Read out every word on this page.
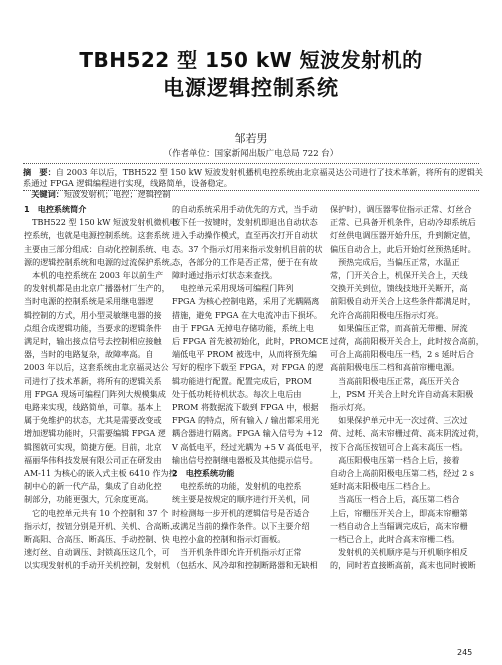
TBH522 型 150 kW 短波发射机的
电源逻辑控制系统
邹若男
（作者单位：国家新闻出版广电总局 722 台）

摘　要：自 2003 年以后，TBH522 型 150 kW 短波发射机播机电控系统由北京福灵达公司进行了技术革新，将所有的逻辑关

系通过 FPGA 逻辑编程进行实现，线路简单，设备稳定。

　关键词：短波发射机；电控；逻辑控制

1　电控系统简介

　TBH522 型 150 kW 短波发射机微机电

控系统，也就是电源控制系统。这套系统

主要由三部分组成：自动化控制系统、电

源的逻辑控制系统和电源的过流保护系统。

　本机的电控系统在 2003 年以前生产

的发射机都是由北京广播器材厂生产的，

当时电源的控制系统是采用继电器逻

辑控制的方式，用小型灵敏继电器的接

点组合成逻辑功能，当要求的逻辑条件

满足时，输出接点信号去控制相应接触

器，当时的电路复杂，故障率高。自

2003 年以后，这套系统由北京福灵达公

司进行了技术革新，将所有的逻辑关系

用 FPGA 现场可编程门阵列大规模集成

电路来实现，线路简单，可靠。基本上

属于免维护的状态，尤其是需要改变或

增加逻辑功能时，只需要编辑 FPGA 逻

辑图就可实现，简捷方便。目前，北京

福丽华伟科技发展有限公司正在研发由

AM-11 为核心的嵌入式主板 6410 作为控

制中心的新一代产品，集成了自动化控

制部分，功能更强大，冗余度更高。

　它的电控单元共有 10 个控制和 37 个

指示灯，按钮分别是开机、关机、合高断、

断高阳、合高压、断高压、手动控制、快

速灯丝、自动调压、封锁高压这几个，可

以实现发射机的手动开关机控制，发射机

的自动系统采用手动优先的方式，当手动

按下任一按键时，发射机即退出自动状态

进入手动操作模式，直至再次打开自动状

态。37 个指示灯用来指示发射机目前的状

态，各部分的工作是否正常，便于在有故

障时通过指示灯状态来查找。

　电控单元采用现场可编程门阵列

FPGA 为核心控制电路，采用了光耦隔离

措施，避免 FPGA 在大电流冲击下损坏。

由于 FPGA 无掉电存储功能，系统上电

后 FPGA 首先被初始化，此时，PROMCE

端低电平 PROM 被选中，从而将预先编

写好的程序下载至 FPGA，对 FPGA 的逻

辑功能进行配置。配置完成后，PROM

处于低功耗待机状态。每次上电后由

PROM 将数据流下载到 FPGA 中，根据

FPGA 的特点，所有输入 / 输出都采用光

耦合器进行隔离。FPGA 输入信号为 +12

V 高低电平，经过光耦为 +5 V 高低电平，

输出信号控制继电器板及其他提示信号。

2　电控系统功能

　电控系统的功能，发射机的电控系

统主要是按规定的顺序进行开关机，同

时检测每一步开机的逻辑信号是否适合

或满足当前的操作条件。以下主要介绍

电控小盒的控制和指示灯面板。

　当开机条件即允许开机指示灯正常

（包括水、风冷却和控制断路器和无缺相

保护时），调压器零位指示正常、灯丝合

正常、已具备开机条件，启动冷却系统后

灯丝供电调压器开始升压，升到额定值，

偏压自动合上，此后开始灯丝预热延时。

　预热完成后，当偏压正常，水温正

常，门开关合上，机保开关合上，天线

交换开关到位，馈线技地开关断开，高

前阳极自动开关合上这些条件都满足时，

允许合高前阳极电压指示灯亮。

　如果偏压正常，而高前无带栅、屏流

过荷，高前阳极开关合上，此时按合高前，

可合上高前阳极电压一档，2 s 延时后合

高前阳极电压二档和高前帘栅电源。

　当高前阳极电压正常，高压开关合

上，PSM 开关合上时允许自动高末阳极

指示灯亮。

　如果保护单元中无一次过荷、三次过

荷、过耗、高末帘栅过荷、高末阴流过荷，

按下合高压按钮可合上高末高压一档。

　高压阳极电压第一档合上后，接着

自动合上高前阳极电压第二档，经过 2 s

延时高末阳极电压二档合上。

　当高压一档合上后，高压第二档合

上后，帘栅压开关合上，即高末帘栅第

一档自动合上当辐调完成后，高末帘栅

一档已合上，此时合高末帘栅二档。

　发射机的关机顺序是与开机顺序相反

的，同时若直接断高前，高末也同时被断

245
